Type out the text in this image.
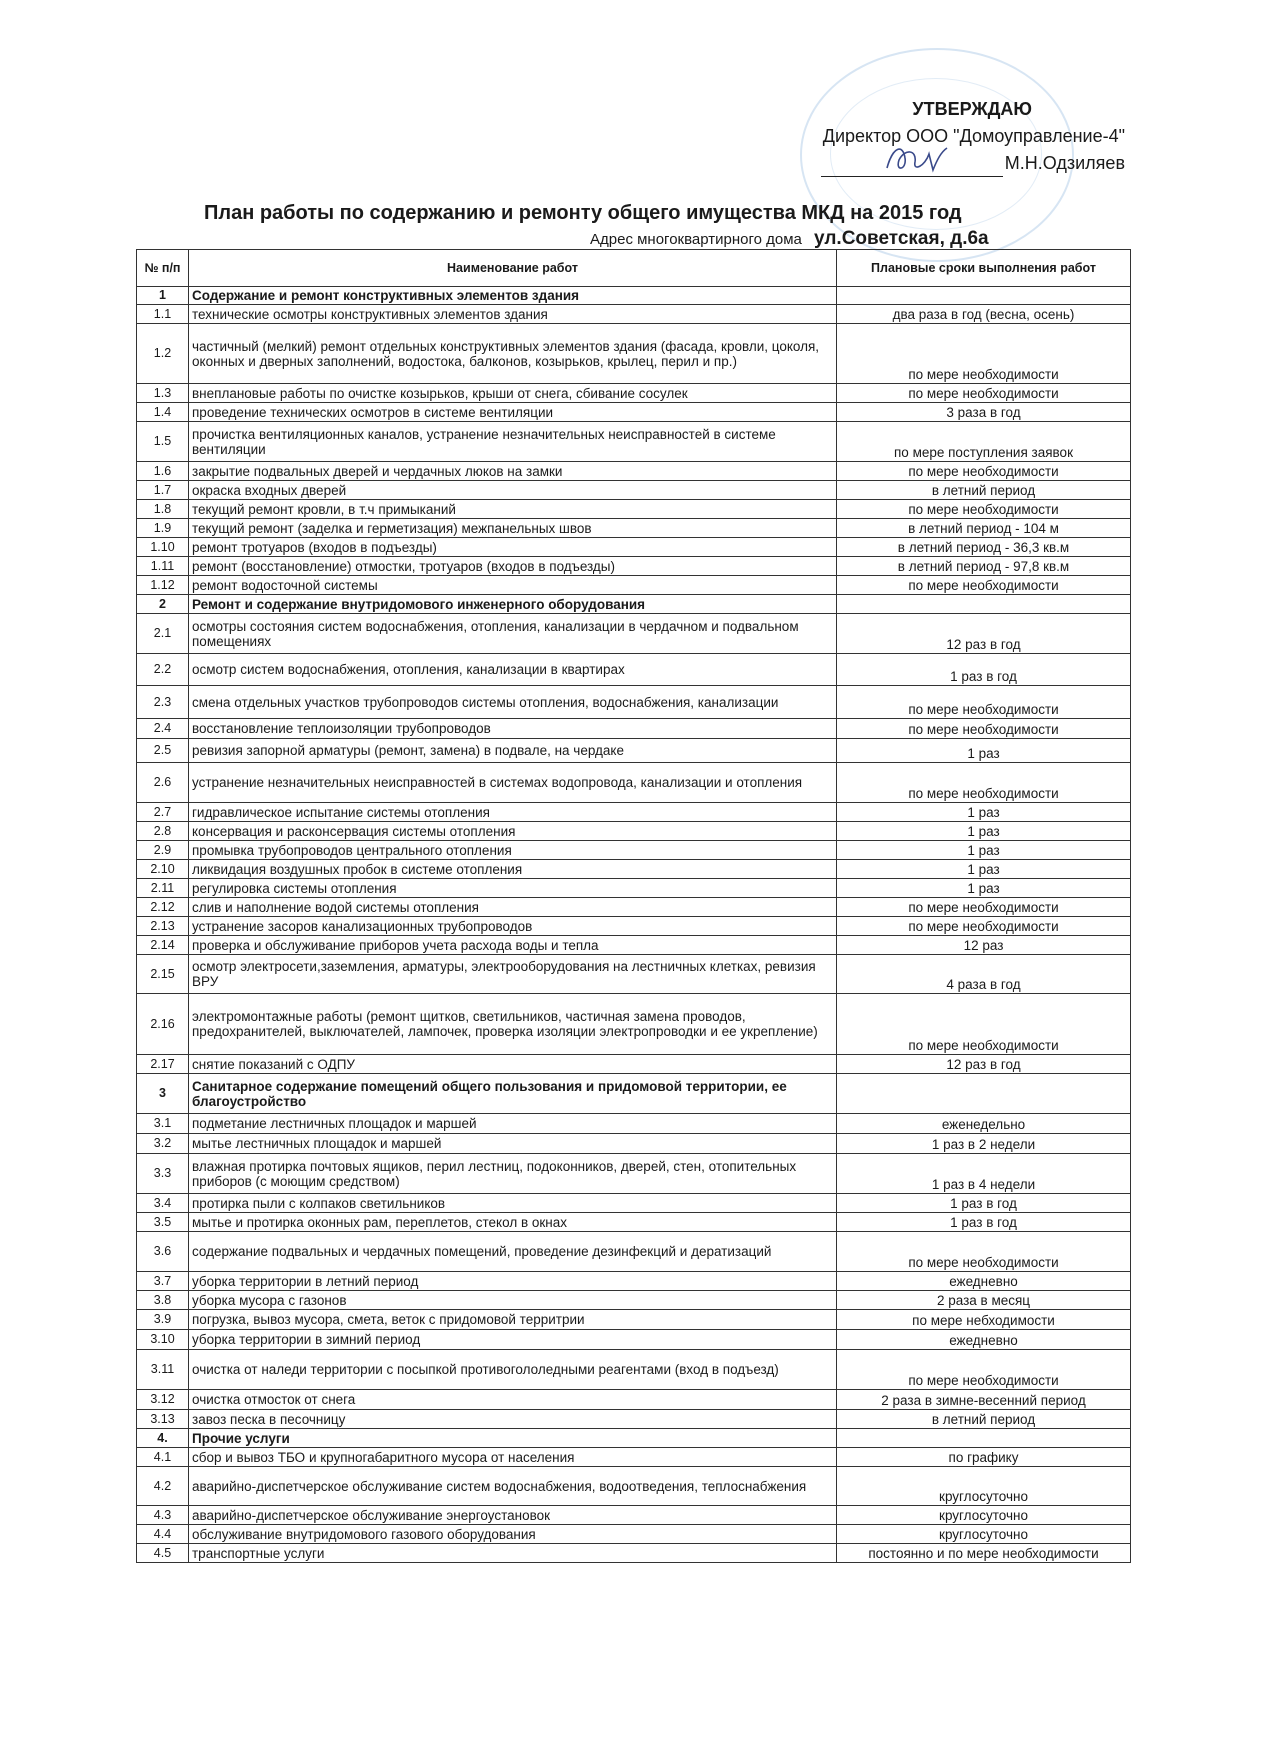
УТВЕРЖДАЮ
Директор ООО "Домоуправление-4"
М.Н.Одзиляев
План работы по содержанию и ремонту общего имущества МКД на 2015 год
Адрес многоквартирного дома ул.Советская, д.6а
№ п/п	Наименование работ	Плановые сроки выполнения работ
1	Содержание и ремонт конструктивных элементов здания	
1.1	технические осмотры конструктивных элементов здания	два раза в год (весна, осень)
1.2	частичный (мелкий) ремонт отдельных конструктивных элементов здания (фасада, кровли, цоколя, оконных и дверных заполнений, водостока, балконов, козырьков, крылец, перил и пр.)	по мере необходимости
1.3	внеплановые работы по очистке козырьков, крыши от снега, сбивание сосулек	по мере необходимости
1.4	проведение технических осмотров в системе вентиляции	3 раза в год
1.5	прочистка вентиляционных каналов, устранение незначительных неисправностей в системе вентиляции	по мере поступления заявок
1.6	закрытие подвальных дверей и чердачных люков на замки	по мере необходимости
1.7	окраска входных дверей	в летний период
1.8	текущий ремонт кровли, в т.ч примыканий	по мере необходимости
1.9	текущий ремонт (заделка и герметизация) межпанельных швов	в летний период - 104 м
1.10	ремонт тротуаров (входов в подъезды)	в летний период - 36,3 кв.м
1.11	ремонт (восстановление) отмостки, тротуаров (входов в подъезды)	в летний период - 97,8 кв.м
1.12	ремонт водосточной системы	по мере необходимости
2	Ремонт и содержание внутридомового инженерного оборудования	
2.1	осмотры состояния систем водоснабжения, отопления, канализации в чердачном и подвальном помещениях	12 раз в год
2.2	осмотр систем водоснабжения, отопления, канализации в квартирах	1 раз в год
2.3	смена отдельных участков трубопроводов системы отопления, водоснабжения, канализации	по мере необходимости
2.4	восстановление теплоизоляции трубопроводов	по мере необходимости
2.5	ревизия запорной арматуры (ремонт, замена) в подвале, на чердаке	1 раз
2.6	устранение незначительных неисправностей в системах водопровода, канализации и отопления	по мере необходимости
2.7	гидравлическое испытание системы отопления	1 раз
2.8	консервация и расконсервация системы отопления	1 раз
2.9	промывка трубопроводов центрального отопления	1 раз
2.10	ликвидация воздушных пробок в системе отопления	1 раз
2.11	регулировка системы отопления	1 раз
2.12	слив и наполнение водой системы отопления	по мере необходимости
2.13	устранение засоров канализационных трубопроводов	по мере необходимости
2.14	проверка и обслуживание приборов учета расхода воды и тепла	12 раз
2.15	осмотр электросети,заземления, арматуры, электрооборудования на лестничных клетках, ревизия ВРУ	4 раза в год
2.16	электромонтажные работы (ремонт щитков, светильников, частичная замена проводов, предохранителей, выключателей, лампочек, проверка изоляции электропроводки и ее укрепление)	по мере необходимости
2.17	снятие показаний с ОДПУ	12 раз в год
3	Санитарное содержание помещений общего пользования и придомовой территории, ее благоустройство	
3.1	подметание лестничных площадок и маршей	еженедельно
3.2	мытье лестничных площадок и маршей	1 раз в 2 недели
3.3	влажная протирка почтовых ящиков, перил лестниц, подоконников, дверей, стен, отопительных приборов (с моющим средством)	1 раз в 4 недели
3.4	протирка пыли с колпаков светильников	1 раз в год
3.5	мытье и протирка оконных рам, переплетов, стекол в окнах	1 раз в год
3.6	содержание подвальных и чердачных помещений, проведение дезинфекций и дератизаций	по мере необходимости
3.7	уборка территории в летний период	ежедневно
3.8	уборка мусора с газонов	2 раза в месяц
3.9	погрузка, вывоз мусора, смета, веток с придомовой территрии	по мере небходимости
3.10	уборка территории в зимний период	ежедневно
3.11	очистка от наледи территории с посыпкой противогололедными реагентами (вход в подъезд)	по мере необходимости
3.12	очистка отмосток от снега	2 раза в зимне-весенний период
3.13	завоз песка в песочницу	в летний период
4.	Прочие услуги	
4.1	сбор и вывоз ТБО и крупногабаритного мусора от населения	по графику
4.2	аварийно-диспетчерское обслуживание систем водоснабжения, водоотведения, теплоснабжения	круглосуточно
4.3	аварийно-диспетчерское обслуживание энергоустановок	круглосуточно
4.4	обслуживание внутридомового газового оборудования	круглосуточно
4.5	транспортные услуги	постоянно и по мере необходимости
